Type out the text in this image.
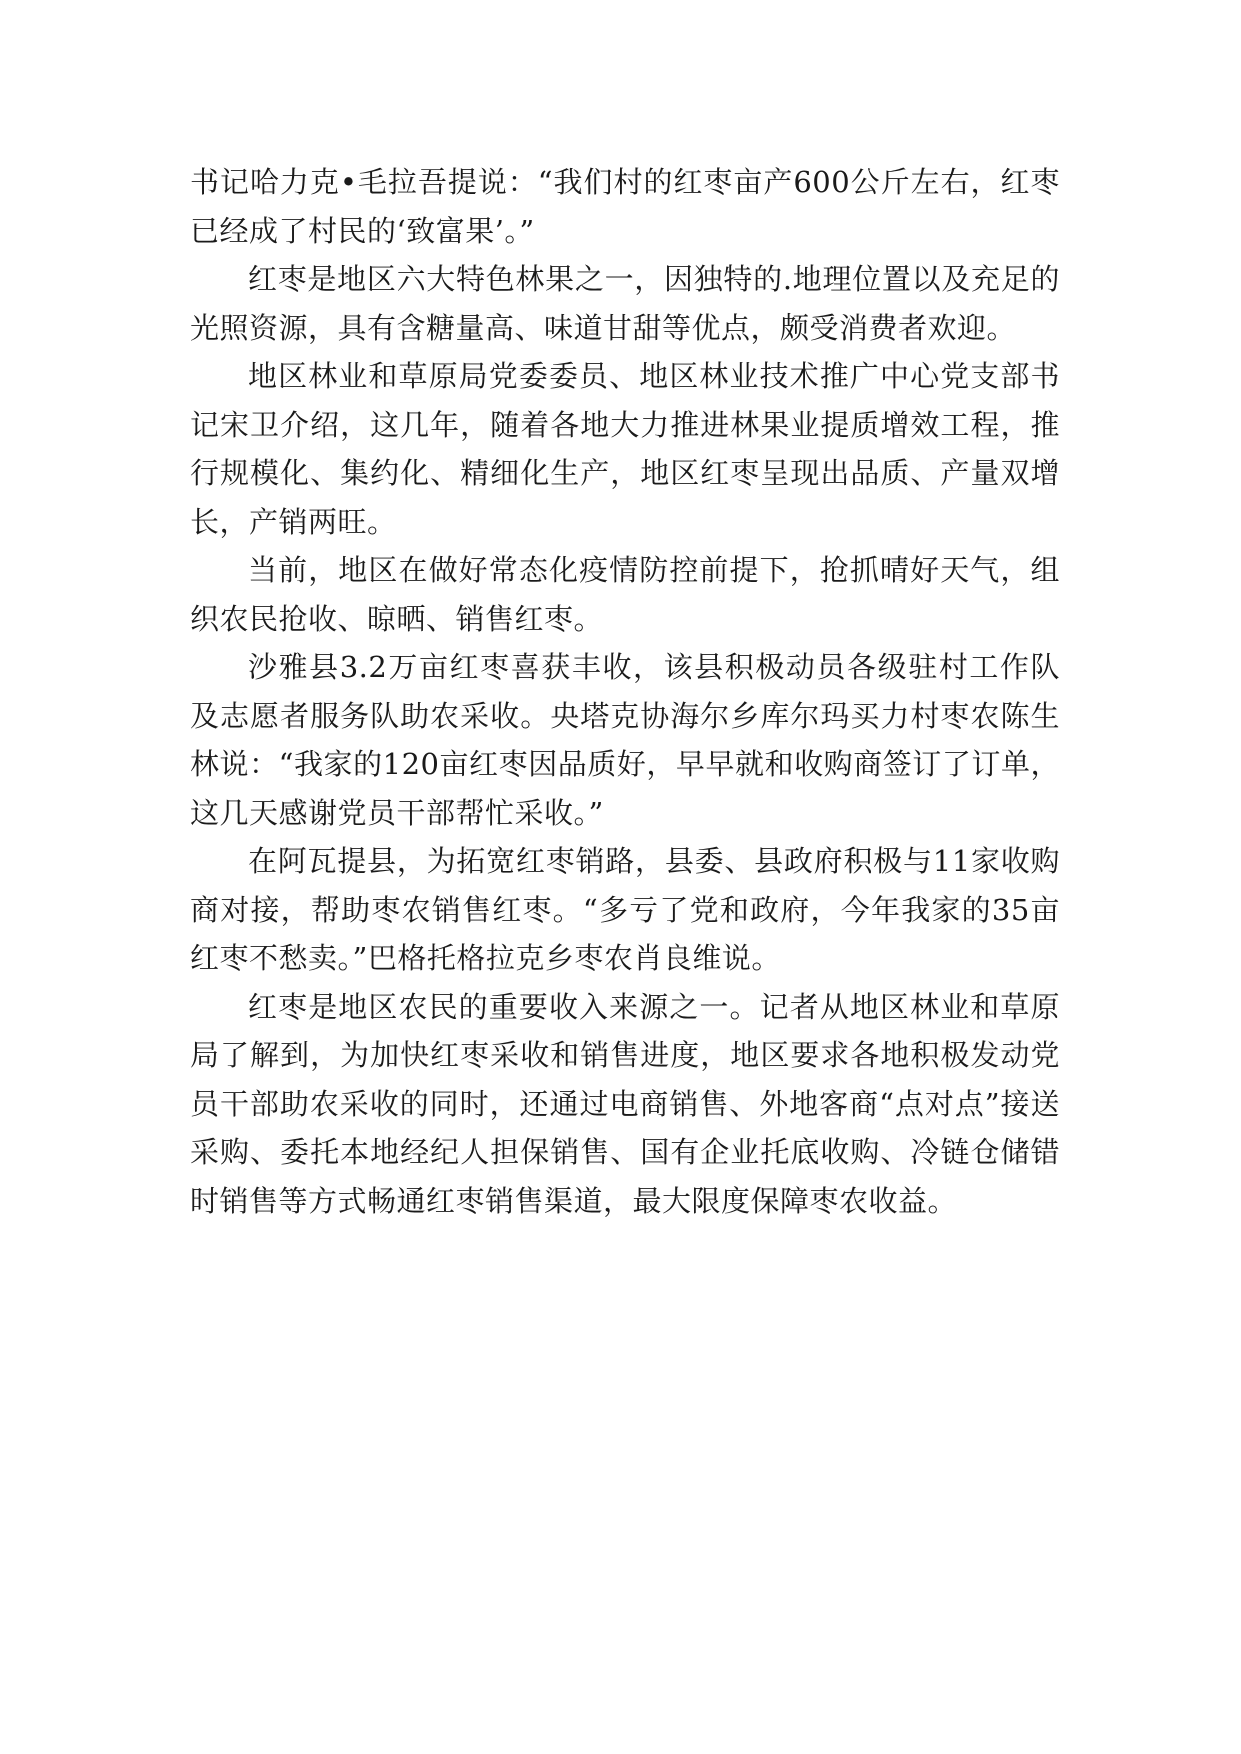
书记哈力克•毛拉吾提说：“我们村的红枣亩产600公斤左右，红枣已经成了村民的‘致富果’。”

红枣是地区六大特色林果之一，因独特的.地理位置以及充足的光照资源，具有含糖量高、味道甘甜等优点，颇受消费者欢迎。

地区林业和草原局党委委员、地区林业技术推广中心党支部书记宋卫介绍，这几年，随着各地大力推进林果业提质增效工程，推行规模化、集约化、精细化生产，地区红枣呈现出品质、产量双增长，产销两旺。

当前，地区在做好常态化疫情防控前提下，抢抓晴好天气，组织农民抢收、晾晒、销售红枣。

沙雅县3.2万亩红枣喜获丰收，该县积极动员各级驻村工作队及志愿者服务队助农采收。央塔克协海尔乡库尔玛买力村枣农陈生林说：“我家的120亩红枣因品质好，早早就和收购商签订了订单，这几天感谢党员干部帮忙采收。”

在阿瓦提县，为拓宽红枣销路，县委、县政府积极与11家收购商对接，帮助枣农销售红枣。“多亏了党和政府，今年我家的35亩红枣不愁卖。”巴格托格拉克乡枣农肖良维说。

红枣是地区农民的重要收入来源之一。记者从地区林业和草原局了解到，为加快红枣采收和销售进度，地区要求各地积极发动党员干部助农采收的同时，还通过电商销售、外地客商“点对点”接送采购、委托本地经纪人担保销售、国有企业托底收购、冷链仓储错时销售等方式畅通红枣销售渠道，最大限度保障枣农收益。
